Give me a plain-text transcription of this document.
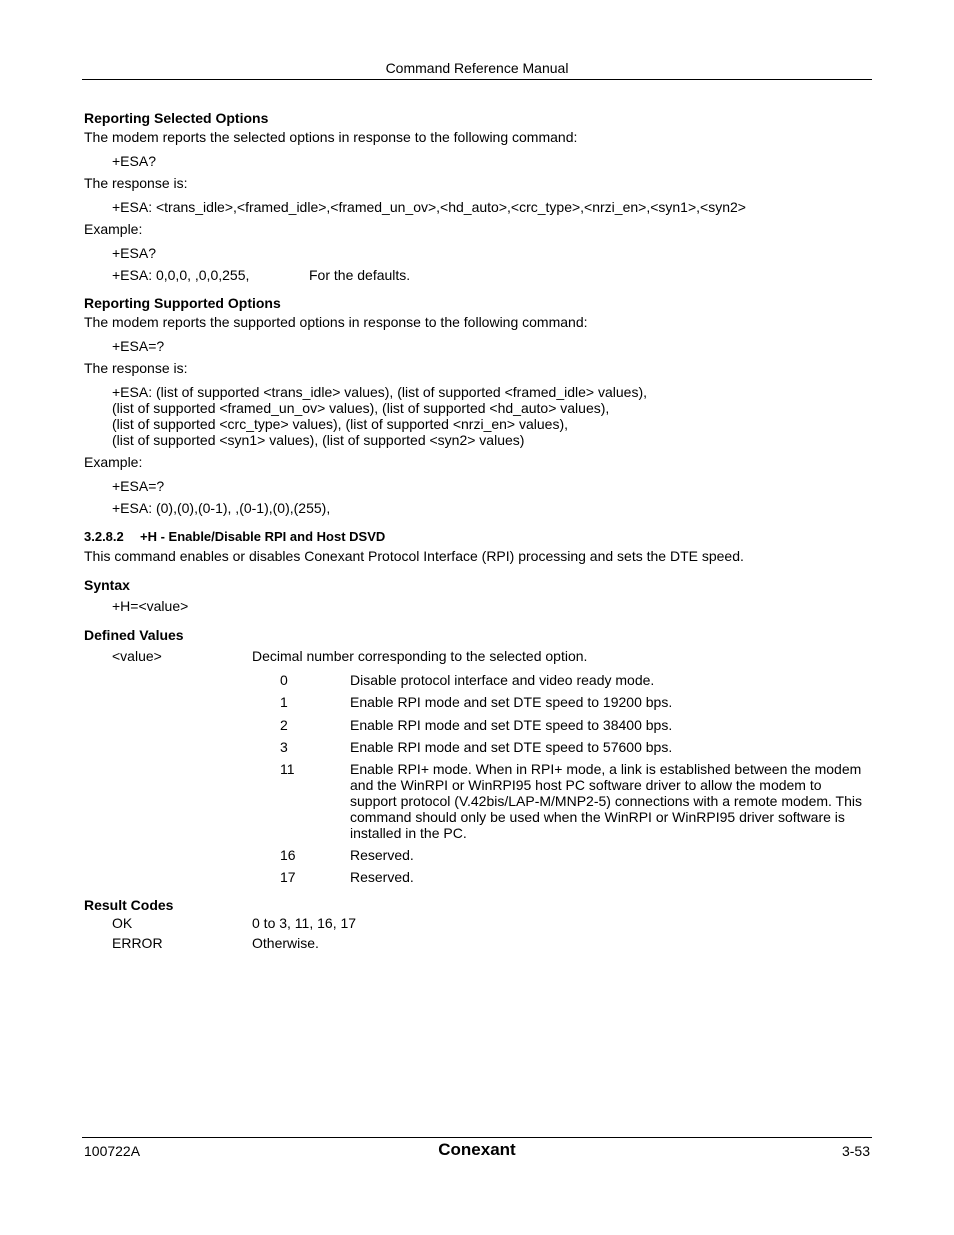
Command Reference Manual
Reporting Selected Options
The modem reports the selected options in response to the following command:
+ESA?
The response is:
+ESA: <trans_idle>,<framed_idle>,<framed_un_ov>,<hd_auto>,<crc_type>,<nrzi_en>,<syn1>,<syn2>
Example:
+ESA?
+ESA: 0,0,0, ,0,0,255,	For the defaults.
Reporting Supported Options
The modem reports the supported options in response to the following command:
+ESA=?
The response is:
+ESA: (list of supported <trans_idle> values), (list of supported <framed_idle> values),
(list of supported <framed_un_ov> values), (list of supported <hd_auto> values),
(list of supported <crc_type> values), (list of supported <nrzi_en> values),
(list of supported <syn1> values), (list of supported <syn2> values)
Example:
+ESA=?
+ESA: (0),(0),(0-1), ,(0-1),(0),(255),
3.2.8.2 +H - Enable/Disable RPI and Host DSVD
This command enables or disables Conexant Protocol Interface (RPI) processing and sets the DTE speed.
Syntax
+H=<value>
Defined Values
<value>	Decimal number corresponding to the selected option.
0	Disable protocol interface and video ready mode.
1	Enable RPI mode and set DTE speed to 19200 bps.
2	Enable RPI mode and set DTE speed to 38400 bps.
3	Enable RPI mode and set DTE speed to 57600 bps.
11	Enable RPI+ mode. When in RPI+ mode, a link is established between the modem and the WinRPI or WinRPI95 host PC software driver to allow the modem to support protocol (V.42bis/LAP-M/MNP2-5) connections with a remote modem. This command should only be used when the WinRPI or WinRPI95 driver software is installed in the PC.
16	Reserved.
17	Reserved.
Result Codes
OK	0 to 3, 11, 16, 17
ERROR	Otherwise.
100722A	Conexant	3-53
